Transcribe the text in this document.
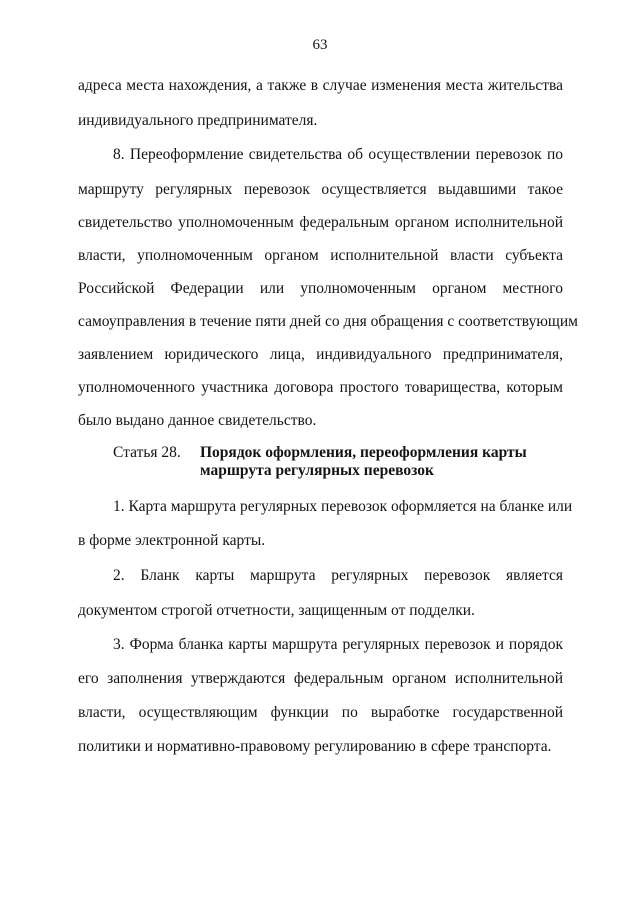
63

адреса места нахождения, а также в случае изменения места жительства

индивидуального предпринимателя.

8. Переоформление свидетельства об осуществлении перевозок по

маршруту регулярных перевозок осуществляется выдавшими такое

свидетельство уполномоченным федеральным органом исполнительной

власти, уполномоченным органом исполнительной власти субъекта

Российской Федерации или уполномоченным органом местного

самоуправления в течение пяти дней со дня обращения с соответствующим

заявлением юридического лица, индивидуального предпринимателя,

уполномоченного участника договора простого товарищества, которым

было выдано данное свидетельство.

1. Карта маршрута регулярных перевозок оформляется на бланке или

в форме электронной карты.

2. Бланк карты маршрута регулярных перевозок является

документом строгой отчетности, защищенным от подделки.

3. Форма бланка карты маршрута регулярных перевозок и порядок

его заполнения утверждаются федеральным органом исполнительной

власти, осуществляющим функции по выработке государственной

политики и нормативно-правовому регулированию в сфере транспорта.

Статья 28. Порядок оформления, переоформления карты
маршрута регулярных перевозок
